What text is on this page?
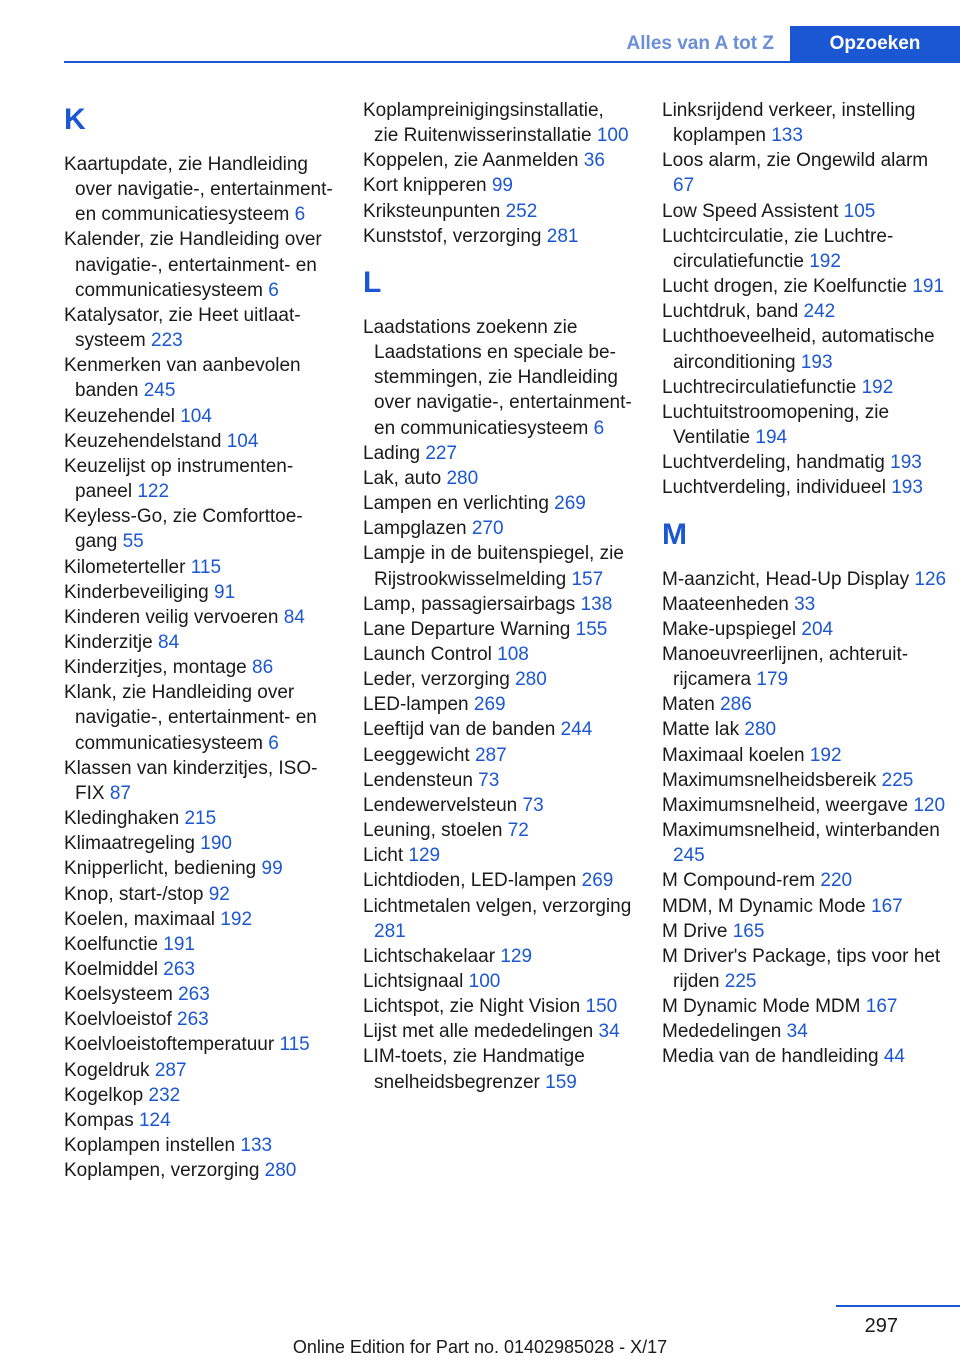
Alles van A tot Z	Opzoeken
K
Kaartupdate, zie Handleiding over navigatie-, entertainment- en communicatiesysteem 6
Kalender, zie Handleiding over navigatie-, entertainment- en communicatiesysteem 6
Katalysator, zie Heet uitlaatsysteem 223
Kenmerken van aanbevolen banden 245
Keuzehendel 104
Keuzehendelstand 104
Keuzelijst op instrumentenpaneel 122
Keyless-Go, zie Comforttoegang 55
Kilometerteller 115
Kinderbeveiliging 91
Kinderen veilig vervoeren 84
Kinderzitje 84
Kinderzitjes, montage 86
Klank, zie Handleiding over navigatie-, entertainment- en communicatiesysteem 6
Klassen van kinderzitjes, ISOFIX 87
Kledinghaken 215
Klimaatregeling 190
Knipperlicht, bediening 99
Knop, start-/stop 92
Koelen, maximaal 192
Koelfunctie 191
Koelmiddel 263
Koelsysteem 263
Koelvloeistof 263
Koelvloeistoftemperatuur 115
Kogeldruk 287
Kogelkop 232
Kompas 124
Koplampen instellen 133
Koplampen, verzorging 280
Koplampreinigingsinstallatie, zie Ruitenwisserinstallatie 100
Koppelen, zie Aanmelden 36
Kort knipperen 99
Kriksteunpunten 252
Kunststof, verzorging 281
L
Laadstations zoekenn zie Laadstations en speciale bestemmingen, zie Handleiding over navigatie-, entertainment- en communicatiesysteem 6
Lading 227
Lak, auto 280
Lampen en verlichting 269
Lampglazen 270
Lampje in de buitenspiegel, zie Rijstrookwisselmelding 157
Lamp, passagiersairbags 138
Lane Departure Warning 155
Launch Control 108
Leder, verzorging 280
LED-lampen 269
Leeftijd van de banden 244
Leeggewicht 287
Lendensteun 73
Lendewervelsteun 73
Leuning, stoelen 72
Licht 129
Lichtdioden, LED-lampen 269
Lichtmetalen velgen, verzorging 281
Lichtschakelaar 129
Lichtsignaal 100
Lichtspot, zie Night Vision 150
Lijst met alle mededelingen 34
LIM-toets, zie Handmatige snelheidsbegrenzer 159
Linksrijdend verkeer, instelling koplampen 133
Loos alarm, zie Ongewild alarm 67
Low Speed Assistent 105
Luchtcirculatie, zie Luchtrecirculatiefunctie 192
Lucht drogen, zie Koelfunctie 191
Luchtdruk, band 242
Luchthoeveelheid, automatische airconditioning 193
Luchtrecirculatiefunctie 192
Luchtuitstroomopening, zie Ventilatie 194
Luchtverdeling, handmatig 193
Luchtverdeling, individueel 193
M
M-aanzicht, Head-Up Display 126
Maateenheden 33
Make-upspiegel 204
Manoeuvreerlijnen, achteruitrijcamera 179
Maten 286
Matte lak 280
Maximaal koelen 192
Maximumsnelheidsbereik 225
Maximumsnelheid, weergave 120
Maximumsnelheid, winterbanden 245
M Compound-rem 220
MDM, M Dynamic Mode 167
M Drive 165
M Driver's Package, tips voor het rijden 225
M Dynamic Mode MDM 167
Mededelingen 34
Media van de handleiding 44
297
Online Edition for Part no. 01402985028 - X/17
